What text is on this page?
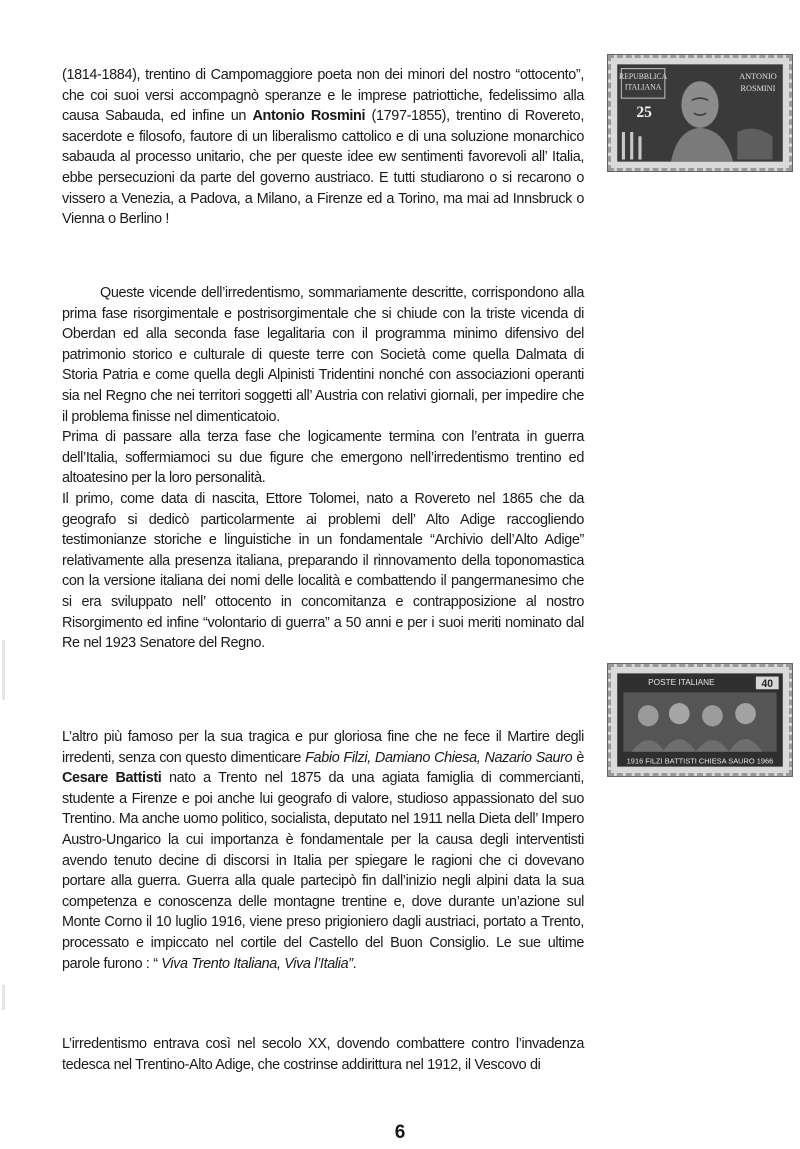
(1814-1884), trentino di Campomaggiore poeta non dei minori del nostro “ottocento”, che coi suoi versi accompagnò speranze e le imprese patriottiche, fedelissimo alla causa Sabauda, ed infine un Antonio Rosmini (1797-1855), trentino di Rovereto, sacerdote e filosofo, fautore di un liberalismo cattolico e di una soluzione monarchico sabauda al processo unitario, che per queste idee ew sentimenti favorevoli all’ Italia, ebbe persecuzioni da parte del governo austriaco. E tutti studiarono o si recarono o vissero a Venezia, a Padova, a Milano, a Firenze ed a Torino, ma mai ad Innsbruck o Vienna o Berlino !

Queste vicende dell’irredentismo, sommariamente descritte, corrispondono alla prima fase risorgimentale e postrisorgimentale che si chiude con la triste vicenda di Oberdan ed alla seconda fase legalitaria con il programma minimo difensivo del patrimonio storico e culturale di queste terre con Società come quella Dalmata di Storia Patria e come quella degli Alpinisti Tridentini nonché con associazioni operanti sia nel Regno che nei territori soggetti all’ Austria con relativi giornali, per impedire che il problema finisse nel dimenticatoio.

Prima di passare alla terza fase che logicamente termina con l’entrata in guerra dell’Italia, soffermiamoci su due figure che emergono nell’irredentismo trentino ed altoatesino per la loro personalità.

Il primo, come data di nascita, Ettore Tolomei, nato a Rovereto nel 1865 che da geografo si dedicò particolarmente ai problemi dell’ Alto Adige raccogliendo testimonianze storiche e linguistiche in un fondamentale “Archivio dell’Alto Adige” relativamente alla presenza italiana, preparando il rinnovamento della toponomastica con la versione italiana dei nomi delle località e combattendo il pangermanesimo che si era sviluppato nell’ ottocento in concomitanza e contrapposizione al nostro Risorgimento ed infine “volontario di guerra” a 50 anni e per i suoi meriti nominato dal Re nel 1923 Senatore del Regno.

L’altro più famoso per la sua tragica e pur gloriosa fine che ne fece il Martire degli irredenti, senza con questo dimenticare Fabio Filzi, Damiano Chiesa, Nazario Sauro è Cesare Battisti nato a Trento nel 1875 da una agiata famiglia di commercianti, studente a Firenze e poi anche lui geografo di valore, studioso appassionato del suo Trentino. Ma anche uomo politico, socialista, deputato nel 1911 nella Dieta dell’ Impero Austro-Ungarico la cui importanza è fondamentale per la causa degli interventisti avendo tenuto decine di discorsi in Italia per spiegare le ragioni che ci dovevano portare alla guerra. Guerra alla quale partecipò fin dall’inizio negli alpini data la sua competenza e conoscenza delle montagne trentine e, dove durante un’azione sul Monte Corno il 10 luglio 1916, viene preso prigioniero dagli austriaci, portato a Trento, processato e impiccato nel cortile del Castello del Buon Consiglio. Le sue ultime parole furono : “ Viva Trento Italiana, Viva l’Italia”.

L’irredentismo entrava così nel secolo XX, dovendo combattere contro l’invadenza tedesca nel Trentino-Alto Adige, che costrinse addirittura nel 1912, il Vescovo di

REPUBBLICA
ITALIANA
25
ANTONIO
ROSMINI
POSTE ITALIANE	40
1916 FILZI BATTISTI CHIESA SAURO 1966
6
